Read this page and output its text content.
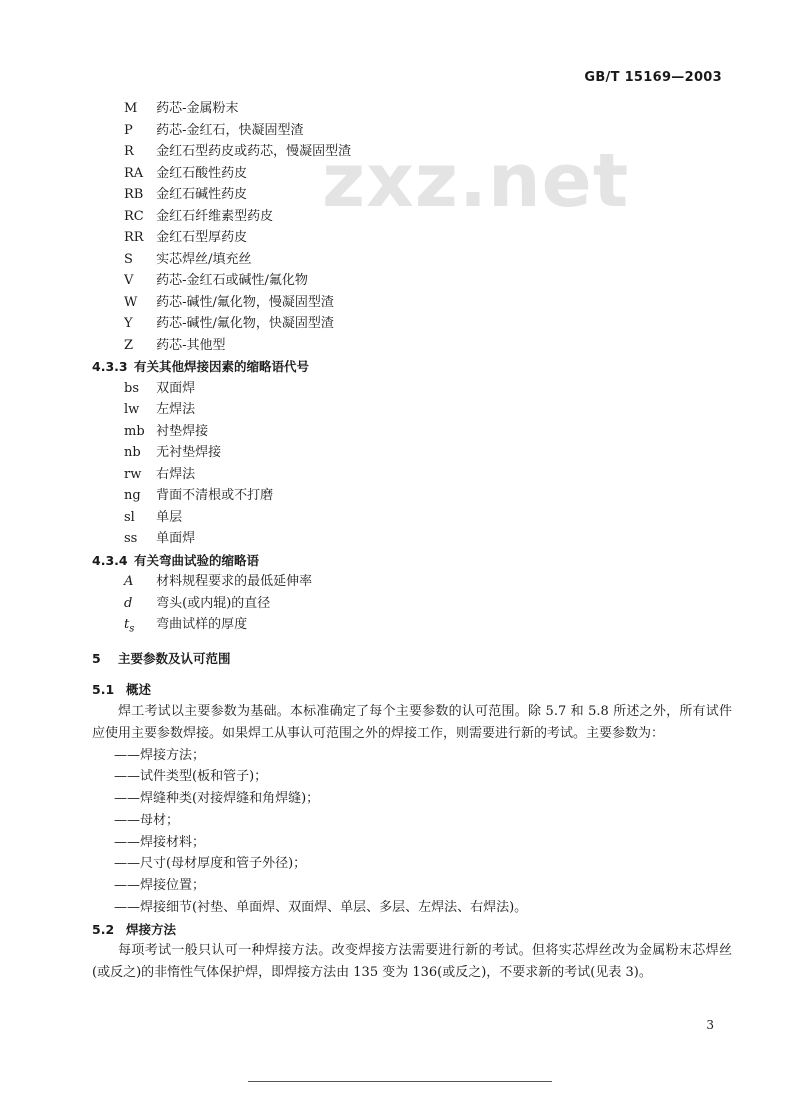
GB/T 15169—2003
zxz.net
M 药芯-金属粉末
P 药芯-金红石，快凝固型渣
R 金红石型药皮或药芯，慢凝固型渣
RA 金红石酸性药皮
RB 金红石碱性药皮
RC 金红石纤维素型药皮
RR 金红石型厚药皮
S 实芯焊丝/填充丝
V 药芯-金红石或碱性/氟化物
W 药芯-碱性/氟化物，慢凝固型渣
Y 药芯-碱性/氟化物，快凝固型渣
Z 药芯-其他型
4.3.3 有关其他焊接因素的缩略语代号
bs 双面焊
lw 左焊法
mb 衬垫焊接
nb 无衬垫焊接
rw 右焊法
ng 背面不清根或不打磨
sl 单层
ss 单面焊
4.3.4 有关弯曲试验的缩略语
A 材料规程要求的最低延伸率
d 弯头(或内辊)的直径
$t_s$ 弯曲试样的厚度
5 主要参数及认可范围
5.1 概述
焊工考试以主要参数为基础。本标准确定了每个主要参数的认可范围。除 5.7 和 5.8 所述之外，所有试件应使用主要参数焊接。如果焊工从事认可范围之外的焊接工作，则需要进行新的考试。主要参数为：
——焊接方法；
——试件类型(板和管子)；
——焊缝种类(对接焊缝和角焊缝)；
——母材；
——焊接材料；
——尺寸(母材厚度和管子外径)；
——焊接位置；
——焊接细节(衬垫、单面焊、双面焊、单层、多层、左焊法、右焊法)。
5.2 焊接方法
每项考试一般只认可一种焊接方法。改变焊接方法需要进行新的考试。但将实芯焊丝改为金属粉末芯焊丝(或反之)的非惰性气体保护焊，即焊接方法由 135 变为 136(或反之)，不要求新的考试(见表 3)。
3
